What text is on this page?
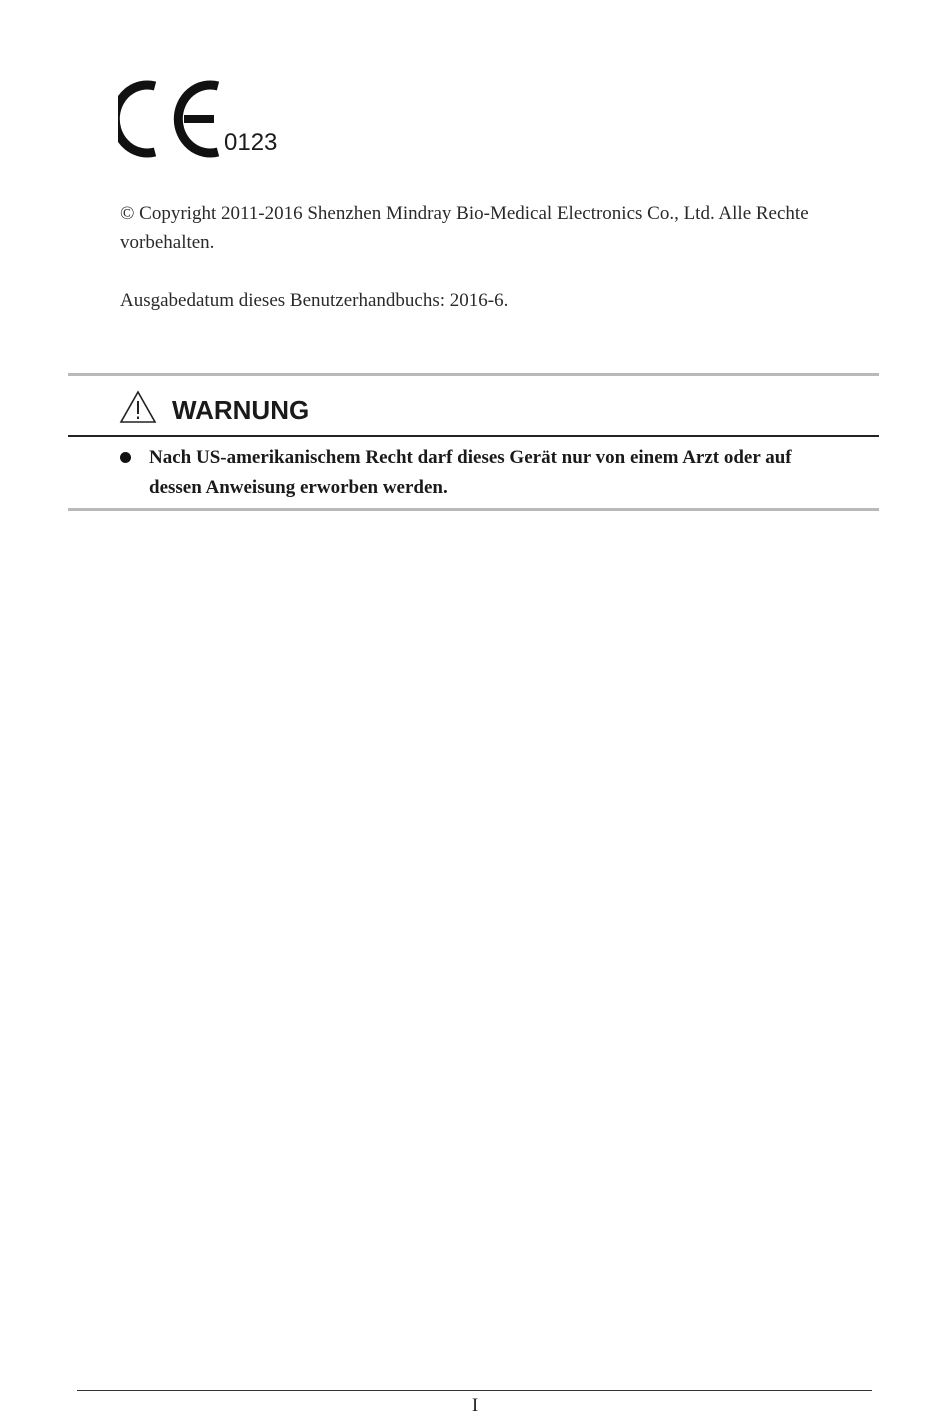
0123
© Copyright 2011-2016 Shenzhen Mindray Bio-Medical Electronics Co., Ltd. Alle Rechte vorbehalten.
Ausgabedatum dieses Benutzerhandbuchs: 2016-6.
WARNUNG
Nach US-amerikanischem Recht darf dieses Gerät nur von einem Arzt oder auf dessen Anweisung erworben werden.
I
